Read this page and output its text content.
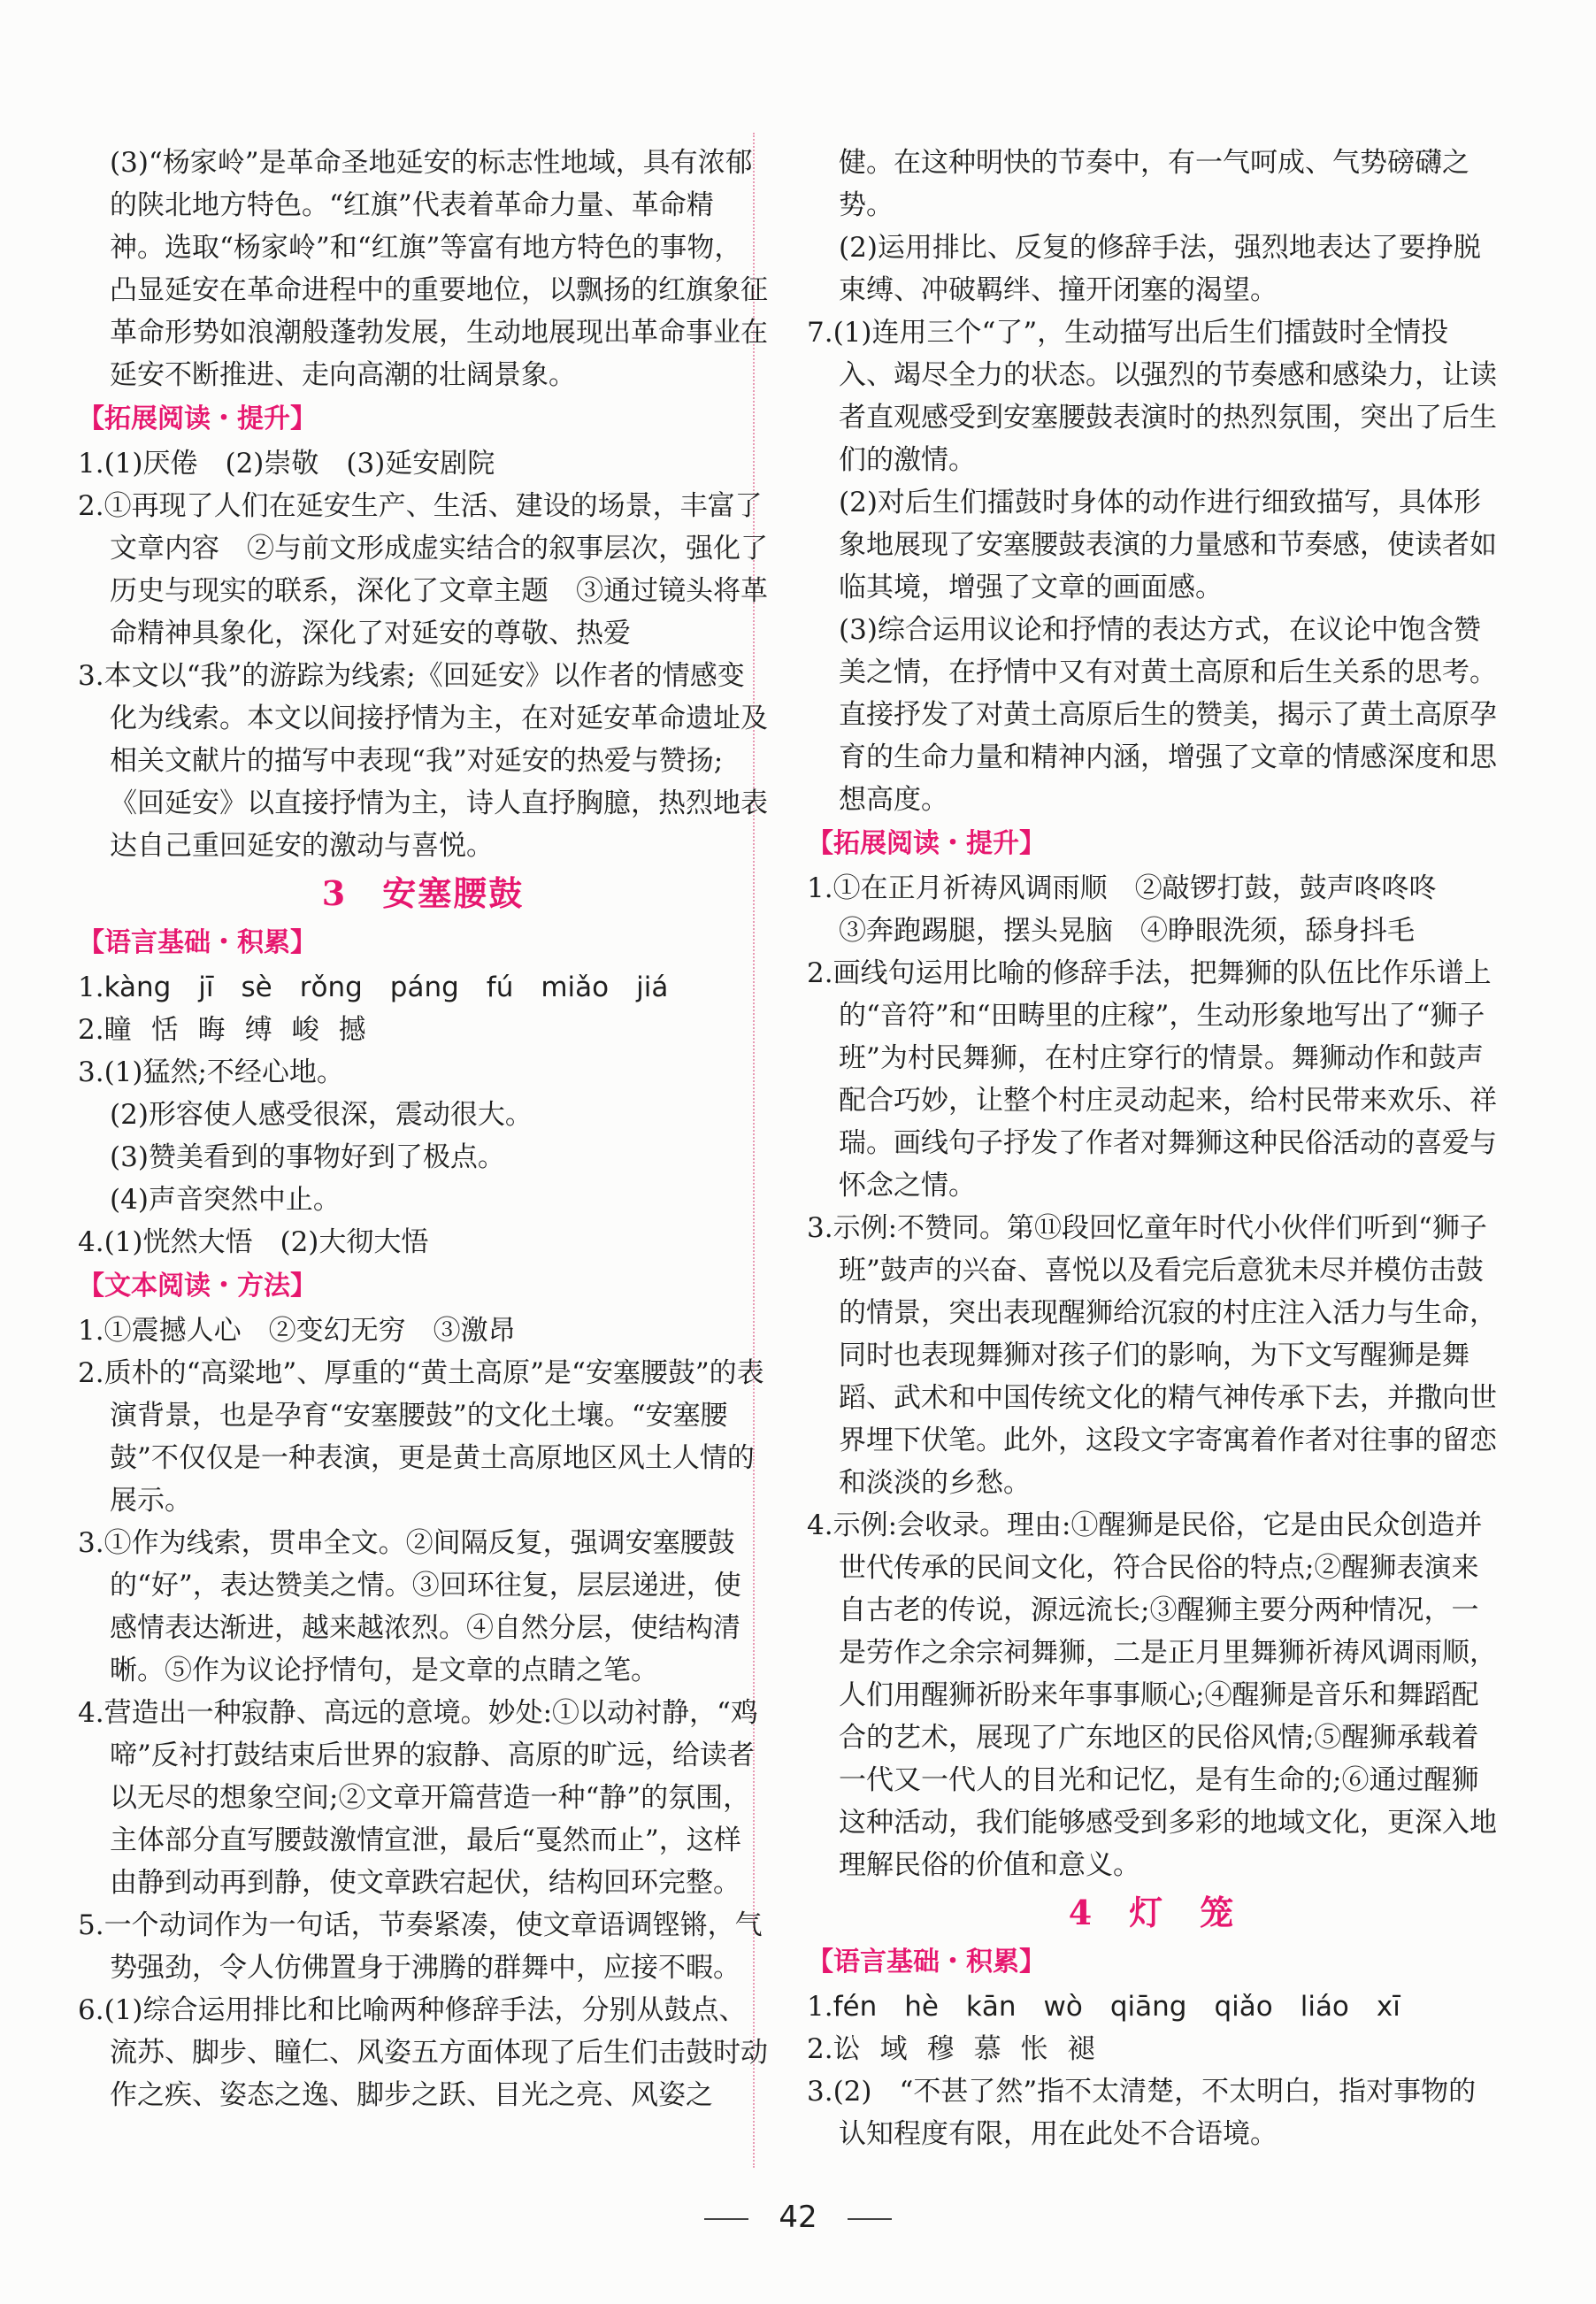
(3)“杨家岭”是革命圣地延安的标志性地域，具有浓郁的陕北地方特色。“红旗”代表着革命力量、革命精神。选取“杨家岭”和“红旗”等富有地方特色的事物，凸显延安在革命进程中的重要地位，以飘扬的红旗象征革命形势如浪潮般蓬勃发展，生动地展现出革命事业在延安不断推进、走向高潮的壮阔景象。

【拓展阅读・提升】

1.(1)厌倦　(2)崇敬　(3)延安剧院

2.①再现了人们在延安生产、生活、建设的场景，丰富了文章内容　②与前文形成虚实结合的叙事层次，强化了历史与现实的联系，深化了文章主题　③通过镜头将革命精神具象化，深化了对延安的尊敬、热爱

3.本文以“我”的游踪为线索;《回延安》以作者的情感变化为线索。本文以间接抒情为主，在对延安革命遗址及相关文献片的描写中表现“我”对延安的热爱与赞扬;《回延安》以直接抒情为主，诗人直抒胸臆，热烈地表达自己重回延安的激动与喜悦。

3　安塞腰鼓
【语言基础・积累】

1.kàng　jī　sè　rǒng　páng　fú　miǎo　jiá

2.瞳恬晦缚峻撼

3.(1)猛然;不经心地。

(2)形容使人感受很深，震动很大。

(3)赞美看到的事物好到了极点。

(4)声音突然中止。

4.(1)恍然大悟　(2)大彻大悟

【文本阅读・方法】

1.①震撼人心　②变幻无穷　③激昂

2.质朴的“高粱地”、厚重的“黄土高原”是“安塞腰鼓”的表演背景，也是孕育“安塞腰鼓”的文化土壤。“安塞腰鼓”不仅仅是一种表演，更是黄土高原地区风土人情的展示。

3.①作为线索，贯串全文。②间隔反复，强调安塞腰鼓的“好”，表达赞美之情。③回环往复，层层递进，使感情表达渐进，越来越浓烈。④自然分层，使结构清晰。⑤作为议论抒情句，是文章的点睛之笔。

4.营造出一种寂静、高远的意境。妙处:①以动衬静，“鸡啼”反衬打鼓结束后世界的寂静、高原的旷远，给读者以无尽的想象空间;②文章开篇营造一种“静”的氛围，主体部分直写腰鼓激情宣泄，最后“戛然而止”，这样由静到动再到静，使文章跌宕起伏，结构回环完整。

5.一个动词作为一句话，节奏紧凑，使文章语调铿锵，气势强劲，令人仿佛置身于沸腾的群舞中，应接不暇。

6.(1)综合运用排比和比喻两种修辞手法，分别从鼓点、流苏、脚步、瞳仁、风姿五方面体现了后生们击鼓时动作之疾、姿态之逸、脚步之跃、目光之亮、风姿之

健。在这种明快的节奏中，有一气呵成、气势磅礴之势。

(2)运用排比、反复的修辞手法，强烈地表达了要挣脱束缚、冲破羁绊、撞开闭塞的渴望。

7.(1)连用三个“了”，生动描写出后生们擂鼓时全情投入、竭尽全力的状态。以强烈的节奏感和感染力，让读者直观感受到安塞腰鼓表演时的热烈氛围，突出了后生们的激情。

(2)对后生们擂鼓时身体的动作进行细致描写，具体形象地展现了安塞腰鼓表演的力量感和节奏感，使读者如临其境，增强了文章的画面感。

(3)综合运用议论和抒情的表达方式，在议论中饱含赞美之情，在抒情中又有对黄土高原和后生关系的思考。直接抒发了对黄土高原后生的赞美，揭示了黄土高原孕育的生命力量和精神内涵，增强了文章的情感深度和思想高度。

【拓展阅读・提升】

1.①在正月祈祷风调雨顺　②敲锣打鼓，鼓声咚咚咚

③奔跑踢腿，摆头晃脑　④睁眼洗须，舔身抖毛

2.画线句运用比喻的修辞手法，把舞狮的队伍比作乐谱上的“音符”和“田畴里的庄稼”，生动形象地写出了“狮子班”为村民舞狮，在村庄穿行的情景。舞狮动作和鼓声配合巧妙，让整个村庄灵动起来，给村民带来欢乐、祥瑞。画线句子抒发了作者对舞狮这种民俗活动的喜爱与怀念之情。

3.示例:不赞同。第⑪段回忆童年时代小伙伴们听到“狮子班”鼓声的兴奋、喜悦以及看完后意犹未尽并模仿击鼓的情景，突出表现醒狮给沉寂的村庄注入活力与生命，同时也表现舞狮对孩子们的影响，为下文写醒狮是舞蹈、武术和中国传统文化的精气神传承下去，并撒向世界埋下伏笔。此外，这段文字寄寓着作者对往事的留恋和淡淡的乡愁。

4.示例:会收录。理由:①醒狮是民俗，它是由民众创造并世代传承的民间文化，符合民俗的特点;②醒狮表演来自古老的传说，源远流长;③醒狮主要分两种情况，一是劳作之余宗祠舞狮，二是正月里舞狮祈祷风调雨顺，人们用醒狮祈盼来年事事顺心;④醒狮是音乐和舞蹈配合的艺术，展现了广东地区的民俗风情;⑤醒狮承载着一代又一代人的目光和记忆，是有生命的;⑥通过醒狮这种活动，我们能够感受到多彩的地域文化，更深入地理解民俗的价值和意义。

4　灯　笼
【语言基础・积累】

1.fén　hè　kān　wò　qiāng　qiǎo　liáo　xī

2.讼域穆慕怅褪

3.(2)　“不甚了然”指不太清楚，不太明白，指对事物的认知程度有限，用在此处不合语境。

42
